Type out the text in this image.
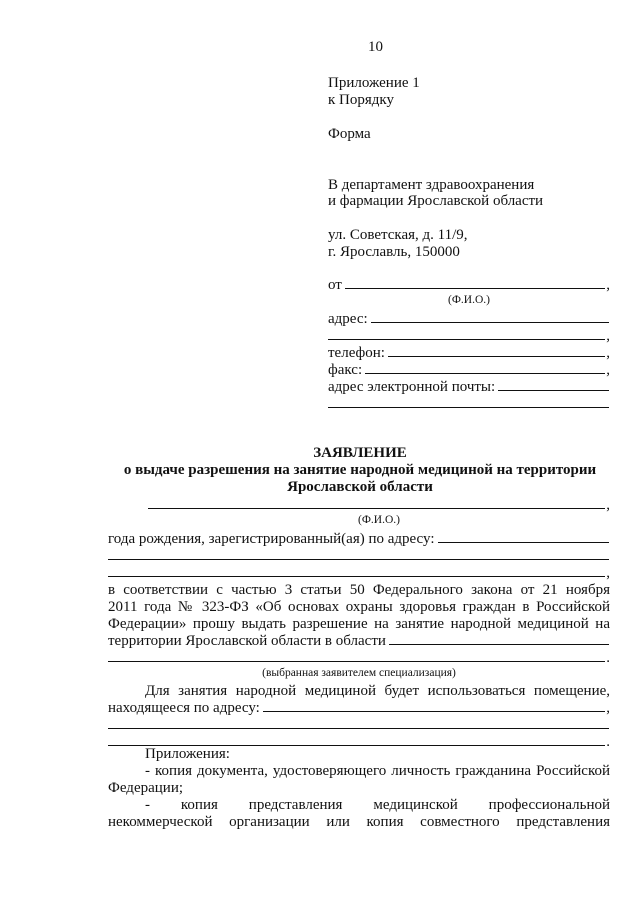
10
Приложение 1
к Порядку
Форма
В департамент здравоохранения
и фармации Ярославской области
ул. Советская, д. 11/9,
г. Ярославль, 150000
от	,
(Ф.И.О.)
адрес:
,
телефон:	,
факс:	,
адрес электронной почты:
ЗАЯВЛЕНИЕ
о выдаче разрешения на занятие народной медициной на территории
Ярославской области
,
(Ф.И.О.)
года рождения, зарегистрированный(ая) по адресу:
,
в соответствии с частью 3 статьи 50 Федерального закона от 21 ноября
2011 года № 323-ФЗ «Об основах охраны здоровья граждан в Российской
Федерации» прошу выдать разрешение на занятие народной медициной на
территории Ярославской области в области
.
(выбранная заявителем специализация)
Для занятия народной медициной будет использоваться помещение,
находящееся по адресу:	,
.
Приложения:
- копия документа, удостоверяющего личность гражданина Российской
Федерации;
- копия представления медицинской профессиональной
некоммерческой организации или копия совместного представления
